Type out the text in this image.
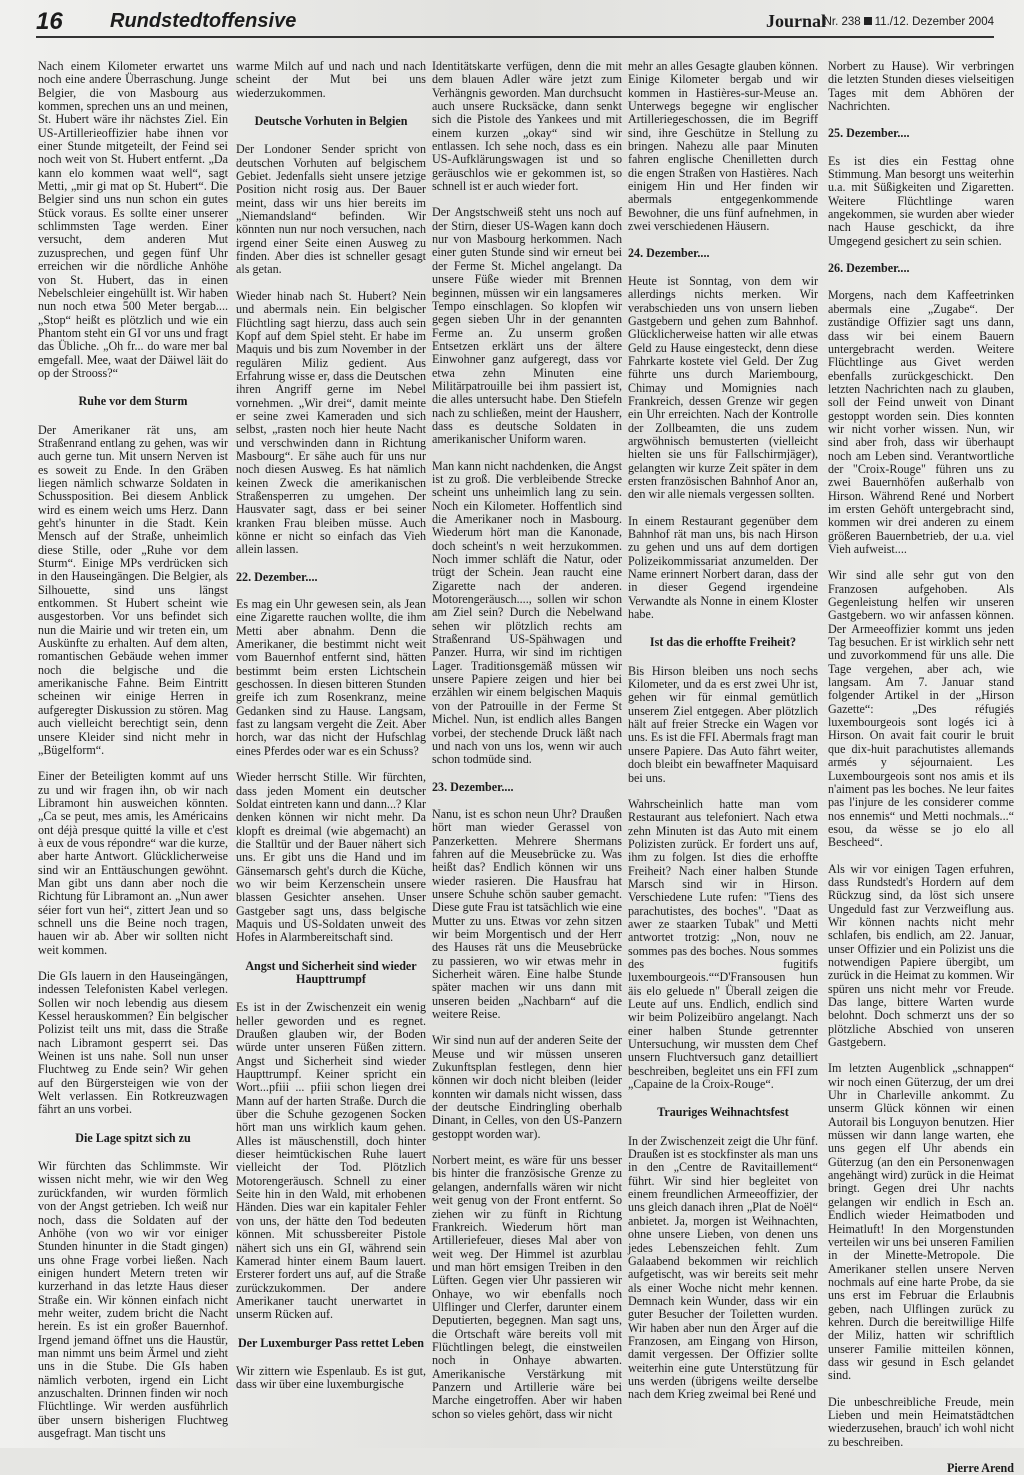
16 Rundstedtoffensive	Journal
Nr. 238 11./12. Dezember 2004

Nach einem Kilometer erwartet uns noch eine andere Überraschung. Junge Belgier, die von Masbourg aus kommen, sprechen uns an und meinen, St. Hubert wäre ihr nächstes Ziel. Ein US-Artillerieoffizier habe ihnen vor einer Stunde mitgeteilt, der Feind sei noch weit von St. Hubert entfernt. „Da kann elo kommen waat well“, sagt Metti, „mir gi mat op St. Hubert“. Die Belgier sind uns nun schon ein gutes Stück voraus. Es sollte einer unserer schlimmsten Tage werden. Einer versucht, dem anderen Mut zuzusprechen, und gegen fünf Uhr erreichen wir die nördliche Anhöhe von St. Hubert, das in einen Nebelschleier eingehüllt ist. Wir haben nun noch etwa 500 Meter bergab.... „Stop“ heißt es plötzlich und wie ein Phantom steht ein GI vor uns und fragt das Übliche. „Oh fr... do ware mer bal emgefall. Mee, waat der Däiwel läit do op der Strooss?“

Ruhe vor dem Sturm

Der Amerikaner rät uns, am Straßenrand entlang zu gehen, was wir auch gerne tun. Mit unsern Nerven ist es soweit zu Ende. In den Gräben liegen nämlich schwarze Soldaten in Schussposition. Bei diesem Anblick wird es einem weich ums Herz. Dann geht's hinunter in die Stadt. Kein Mensch auf der Straße, unheimlich diese Stille, oder „Ruhe vor dem Sturm“. Einige MPs verdrücken sich in den Hauseingängen. Die Belgier, als Silhouette, sind uns längst entkommen. St Hubert scheint wie ausgestorben. Vor uns befindet sich nun die Mairie und wir treten ein, um Auskünfte zu erhalten. Auf dem alten, romantischen Gebäude wehen immer noch die belgische und die amerikanische Fahne. Beim Eintritt scheinen wir einige Herren in aufgeregter Diskussion zu stören. Mag auch vielleicht berechtigt sein, denn unsere Kleider sind nicht mehr in „Bügelform“.

Einer der Beteiligten kommt auf uns zu und wir fragen ihn, ob wir nach Libramont hin ausweichen könnten. „Ca se peut, mes amis, les Américains ont déjà presque quitté la ville et c'est à eux de vous répondre“ war die kurze, aber harte Antwort. Glücklicherweise sind wir an Enttäuschungen gewöhnt. Man gibt uns dann aber noch die Richtung für Libramont an. „Nun awer séier fort vun hei“, zittert Jean und so schnell uns die Beine noch tragen, hauen wir ab. Aber wir sollten nicht weit kommen.

Die GIs lauern in den Hauseingängen, indessen Telefonisten Kabel verlegen. Sollen wir noch lebendig aus diesem Kessel herauskommen? Ein belgischer Polizist teilt uns mit, dass die Straße nach Libramont gesperrt sei. Das Weinen ist uns nahe. Soll nun unser Fluchtweg zu Ende sein? Wir gehen auf den Bürgersteigen wie von der Welt verlassen. Ein Rotkreuzwagen fährt an uns vorbei.

Die Lage spitzt sich zu

Wir fürchten das Schlimmste. Wir wissen nicht mehr, wie wir den Weg zurückfanden, wir wurden förmlich von der Angst getrieben. Ich weiß nur noch, dass die Soldaten auf der Anhöhe (von wo wir vor einiger Stunden hinunter in die Stadt gingen) uns ohne Frage vorbei ließen. Nach einigen hundert Metern treten wir kurzerhand in das letzte Haus dieser Straße ein. Wir können einfach nicht mehr weiter, zudem bricht die Nacht herein. Es ist ein großer Bauernhof. Irgend jemand öffnet uns die Haustür, man nimmt uns beim Ärmel und zieht uns in die Stube. Die GIs haben nämlich verboten, irgend ein Licht anzuschalten. Drinnen finden wir noch Flüchtlinge. Wir werden ausführlich über unsern bisherigen Fluchtweg ausgefragt. Man tischt uns

warme Milch auf und nach und nach scheint der Mut bei uns wiederzukommen.

Deutsche Vorhuten in Belgien

Der Londoner Sender spricht von deutschen Vorhuten auf belgischem Gebiet. Jedenfalls sieht unsere jetzige Position nicht rosig aus. Der Bauer meint, dass wir uns hier bereits im „Niemandsland“ befinden. Wir könnten nun nur noch versuchen, nach irgend einer Seite einen Ausweg zu finden. Aber dies ist schneller gesagt als getan.

Wieder hinab nach St. Hubert? Nein und abermals nein. Ein belgischer Flüchtling sagt hierzu, dass auch sein Kopf auf dem Spiel steht. Er habe im Maquis und bis zum November in der regulären Miliz gedient. Aus Erfahrung wisse er, dass die Deutschen ihren Angriff gerne im Nebel vornehmen. „Wir drei“, damit meinte er seine zwei Kameraden und sich selbst, „rasten noch hier heute Nacht und verschwinden dann in Richtung Masbourg“. Er sähe auch für uns nur noch diesen Ausweg. Es hat nämlich keinen Zweck die amerikanischen Straßensperren zu umgehen. Der Hausvater sagt, dass er bei seiner kranken Frau bleiben müsse. Auch könne er nicht so einfach das Vieh allein lassen.

22. Dezember....

Es mag ein Uhr gewesen sein, als Jean eine Zigarette rauchen wollte, die ihm Metti aber abnahm. Denn die Amerikaner, die bestimmt nicht weit vom Bauernhof entfernt sind, hätten bestimmt beim ersten Lichtschein geschossen. In diesen bitteren Stunden greife ich zum Rosenkranz, meine Gedanken sind zu Hause. Langsam, fast zu langsam vergeht die Zeit. Aber horch, war das nicht der Hufschlag eines Pferdes oder war es ein Schuss?

Wieder herrscht Stille. Wir fürchten, dass jeden Moment ein deutscher Soldat eintreten kann und dann...? Klar denken können wir nicht mehr. Da klopft es dreimal (wie abgemacht) an die Stalltür und der Bauer nähert sich uns. Er gibt uns die Hand und im Gänsemarsch geht's durch die Küche, wo wir beim Kerzenschein unsere blassen Gesichter ansehen. Unser Gastgeber sagt uns, dass belgische Maquis und US-Soldaten unweit des Hofes in Alarmbereitschaft sind.

Angst und Sicherheit sind wieder Haupttrumpf

Es ist in der Zwischenzeit ein wenig heller geworden und es regnet. Draußen glauben wir, der Boden würde unter unseren Füßen zittern. Angst und Sicherheit sind wieder Haupttrumpf. Keiner spricht ein Wort...pfiii ... pfiii schon liegen drei Mann auf der harten Straße. Durch die über die Schuhe gezogenen Socken hört man uns wirklich kaum gehen. Alles ist mäuschenstill, doch hinter dieser heimtückischen Ruhe lauert vielleicht der Tod. Plötzlich Motorengeräusch. Schnell zu einer Seite hin in den Wald, mit erhobenen Händen. Dies war ein kapitaler Fehler von uns, der hätte den Tod bedeuten können. Mit schussbereiter Pistole nähert sich uns ein GI, während sein Kamerad hinter einem Baum lauert. Ersterer fordert uns auf, auf die Straße zurückzukommen. Der andere Amerikaner taucht unerwartet in unserm Rücken auf.

Der Luxemburger Pass rettet Leben

Wir zittern wie Espenlaub. Es ist gut, dass wir über eine luxemburgische

Identitätskarte verfügen, denn die mit dem blauen Adler wäre jetzt zum Verhängnis geworden. Man durchsucht auch unsere Rucksäcke, dann senkt sich die Pistole des Yankees und mit einem kurzen „okay“ sind wir entlassen. Ich sehe noch, dass es ein US-Aufklärungswagen ist und so geräuschlos wie er gekommen ist, so schnell ist er auch wieder fort.

Der Angstschweiß steht uns noch auf der Stirn, dieser US-Wagen kann doch nur von Masbourg herkommen. Nach einer guten Stunde sind wir erneut bei der Ferme St. Michel angelangt. Da unsere Füße wieder mit Brennen beginnen, müssen wir ein langsameres Tempo einschlagen. So klopfen wir gegen sieben Uhr in der genannten Ferme an. Zu unserm großen Entsetzen erklärt uns der ältere Einwohner ganz aufgeregt, dass vor etwa zehn Minuten eine Militärpatrouille bei ihm passiert ist, die alles untersucht habe. Den Stiefeln nach zu schließen, meint der Hausherr, dass es deutsche Soldaten in amerikanischer Uniform waren.

Man kann nicht nachdenken, die Angst ist zu groß. Die verbleibende Strecke scheint uns unheimlich lang zu sein. Noch ein Kilometer. Hoffentlich sind die Amerikaner noch in Masbourg. Wiederum hört man die Kanonade, doch scheint's n weit herzukommen. Noch immer schläft die Natur, oder trügt der Schein. Jean raucht eine Zigarette nach der anderen. Motorengeräusch...., sollen wir schon am Ziel sein? Durch die Nebelwand sehen wir plötzlich rechts am Straßenrand US-Spähwagen und Panzer. Hurra, wir sind im richtigen Lager. Traditionsgemäß müssen wir unsere Papiere zeigen und hier bei erzählen wir einem belgischen Maquis von der Patrouille in der Ferme St Michel. Nun, ist endlich alles Bangen vorbei, der stechende Druck läßt nach und nach von uns los, wenn wir auch schon todmüde sind.

23. Dezember....

Nanu, ist es schon neun Uhr? Draußen hört man wieder Gerassel von Panzerketten. Mehrere Shermans fahren auf die Meusebrücke zu. Was heißt das? Endlich können wir uns wieder rasieren. Die Hausfrau hat unsere Schuhe schön sauber gemacht. Diese gute Frau ist tatsächlich wie eine Mutter zu uns. Etwas vor zehn sitzen wir beim Morgentisch und der Herr des Hauses rät uns die Meusebrücke zu passieren, wo wir etwas mehr in Sicherheit wären. Eine halbe Stunde später machen wir uns dann mit unseren beiden „Nachbarn“ auf die weitere Reise.

Wir sind nun auf der anderen Seite der Meuse und wir müssen unseren Zukunftsplan festlegen, denn hier können wir doch nicht bleiben (leider konnten wir damals nicht wissen, dass der deutsche Eindringling oberhalb Dinant, in Celles, von den US-Panzern gestoppt worden war).

Norbert meint, es wäre für uns besser bis hinter die französische Grenze zu gelangen, andernfalls wären wir nicht weit genug von der Front entfernt. So ziehen wir zu fünft in Richtung Frankreich. Wiederum hört man Artilleriefeuer, dieses Mal aber von weit weg. Der Himmel ist azurblau und man hört emsigen Treiben in den Lüften. Gegen vier Uhr passieren wir Onhaye, wo wir ebenfalls noch Ulflinger und Clerfer, darunter einem Deputierten, begegnen. Man sagt uns, die Ortschaft wäre bereits voll mit Flüchtlingen belegt, die einstweilen noch in Onhaye abwarten. Amerikanische Verstärkung mit Panzern und Artillerie wäre bei Marche eingetroffen. Aber wir haben schon so vieles gehört, dass wir nicht

mehr an alles Gesagte glauben können. Einige Kilometer bergab und wir kommen in Hastières-sur-Meuse an. Unterwegs begegne wir englischer Artilleriegeschossen, die im Begriff sind, ihre Geschütze in Stellung zu bringen. Nahezu alle paar Minuten fahren englische Chenilletten durch die engen Straßen von Hastières. Nach einigem Hin und Her finden wir abermals entgegenkommende Bewohner, die uns fünf aufnehmen, in zwei verschiedenen Häusern.

24. Dezember....

Heute ist Sonntag, von dem wir allerdings nichts merken. Wir verabschieden uns von unsern lieben Gastgebern und gehen zum Bahnhof. Glücklicherweise hatten wir alle etwas Geld zu Hause eingesteckt, denn diese Fahrkarte kostete viel Geld. Der Zug führte uns durch Mariembourg, Chimay und Momignies nach Frankreich, dessen Grenze wir gegen ein Uhr erreichten. Nach der Kontrolle der Zollbeamten, die uns zudem argwöhnisch bemusterten (vielleicht hielten sie uns für Fallschirmjäger), gelangten wir kurze Zeit später in dem ersten französischen Bahnhof Anor an, den wir alle niemals vergessen sollten.

In einem Restaurant gegenüber dem Bahnhof rät man uns, bis nach Hirson zu gehen und uns auf dem dortigen Polizeikommissariat anzumelden. Der Name erinnert Norbert daran, dass der in dieser Gegend irgendeine Verwandte als Nonne in einem Kloster habe.

Ist das die erhoffte Freiheit?

Bis Hirson bleiben uns noch sechs Kilometer, und da es erst zwei Uhr ist, gehen wir für einmal gemütlich unserem Ziel entgegen. Aber plötzlich hält auf freier Strecke ein Wagen vor uns. Es ist die FFI. Abermals fragt man unsere Papiere. Das Auto fährt weiter, doch bleibt ein bewaffneter Maquisard bei uns.

Wahrscheinlich hatte man vom Restaurant aus telefoniert. Nach etwa zehn Minuten ist das Auto mit einem Polizisten zurück. Er fordert uns auf, ihm zu folgen. Ist dies die erhoffte Freiheit? Nach einer halben Stunde Marsch sind wir in Hirson. Verschiedene Lute rufen: "Tiens des parachutistes, des boches". "Daat as awer ze staarken Tubak" und Metti antwortet trotzig: „Non, nouv ne sommes pas des boches. Nous sommes des fugitifs luxembourgeois.““D'Fransousen hun äis elo geluede n" Überall zeigen die Leute auf uns. Endlich, endlich sind wir beim Polizeibüro angelangt. Nach einer halben Stunde getrennter Untersuchung, wir mussten dem Chef unsern Fluchtversuch ganz detailliert beschreiben, begleitet uns ein FFI zum „Capaine de la Croix-Rouge“.

Trauriges Weihnachtsfest

In der Zwischenzeit zeigt die Uhr fünf. Draußen ist es stockfinster als man uns in den „Centre de Ravitaillement“ führt. Wir sind hier begleitet von einem freundlichen Armeeoffizier, der uns gleich danach ihren „Plat de Noël“ anbietet. Ja, morgen ist Weihnachten, ohne unsere Lieben, von denen uns jedes Lebenszeichen fehlt. Zum Galaabend bekommen wir reichlich aufgetischt, was wir bereits seit mehr als einer Woche nicht mehr kennen. Demnach kein Wunder, dass wir ein guter Besucher der Toiletten wurden. Wir haben aber nun den Ärger auf die Franzosen, am Eingang von Hirson, damit vergessen. Der Offizier sollte weiterhin eine gute Unterstützung für uns werden (übrigens weilte derselbe nach dem Krieg zweimal bei René und

Norbert zu Hause). Wir verbringen die letzten Stunden dieses vielseitigen Tages mit dem Abhören der Nachrichten.

25. Dezember....

Es ist dies ein Festtag ohne Stimmung. Man besorgt uns weiterhin u.a. mit Süßigkeiten und Zigaretten. Weitere Flüchtlinge waren angekommen, sie wurden aber wieder nach Hause geschickt, da ihre Umgegend gesichert zu sein schien.

26. Dezember....

Morgens, nach dem Kaffeetrinken abermals eine „Zugabe“. Der zuständige Offizier sagt uns dann, dass wir bei einem Bauern untergebracht werden. Weitere Flüchtlinge aus Givet werden ebenfalls zurückgeschickt. Den letzten Nachrichten nach zu glauben, soll der Feind unweit von Dinant gestoppt worden sein. Dies konnten wir nicht vorher wissen. Nun, wir sind aber froh, dass wir überhaupt noch am Leben sind. Verantwortliche der "Croix-Rouge" führen uns zu zwei Bauernhöfen außerhalb von Hirson. Während René und Norbert im ersten Gehöft untergebracht sind, kommen wir drei anderen zu einem größeren Bauernbetrieb, der u.a. viel Vieh aufweist....

Wir sind alle sehr gut von den Franzosen aufgehoben. Als Gegenleistung helfen wir unseren Gastgebern. wo wir anfassen können. Der Armeeoffizier kommt uns jeden Tag besuchen. Er ist wirklich sehr nett und zuvorkommend für uns alle. Die Tage vergehen, aber ach, wie langsam. Am 7. Januar stand folgender Artikel in der „Hirson Gazette“: „Des réfugiés luxembourgeois sont logés ici à Hirson. On avait fait courir le bruit que dix-huit parachutistes allemands armés y séjournaient. Les Luxembourgeois sont nos amis et ils n'aiment pas les boches. Ne leur faites pas l'injure de les considerer comme nos ennemis“ und Metti nochmals...“ esou, da wësse se jo elo all Bescheed“.

Als wir vor einigen Tagen erfuhren, dass Rundstedt's Hordern auf dem Rückzug sind, da löst sich unsere Ungeduld fast zur Verzweiflung aus. Wir können nachts nicht mehr schlafen, bis endlich, am 22. Januar, unser Offizier und ein Polizist uns die notwendigen Papiere übergibt, um zurück in die Heimat zu kommen. Wir spüren uns nicht mehr vor Freude. Das lange, bittere Warten wurde belohnt. Doch schmerzt uns der so plötzliche Abschied von unseren Gastgebern.

Im letzten Augenblick „schnappen“ wir noch einen Güterzug, der um drei Uhr in Charleville ankommt. Zu unserm Glück können wir einen Autorail bis Longuyon benutzen. Hier müssen wir dann lange warten, ehe uns gegen elf Uhr abends ein Güterzug (an den ein Personenwagen angehängt wird) zurück in die Heimat bringt. Gegen drei Uhr nachts gelangen wir endlich in Esch an. Endlich wieder Heimatboden und Heimatluft! In den Morgenstunden verteilen wir uns bei unseren Familien in der Minette-Metropole. Die Amerikaner stellen unsere Nerven nochmals auf eine harte Probe, da sie uns erst im Februar die Erlaubnis geben, nach Ulflingen zurück zu kehren. Durch die bereitwillige Hilfe der Miliz, hatten wir schriftlich unserer Familie mitteilen können, dass wir gesund in Esch gelandet sind.

Die unbeschreibliche Freude, mein Lieben und mein Heimatstädtchen wiederzusehen, brauch' ich wohl nicht zu beschreiben.

Pierre Arend
